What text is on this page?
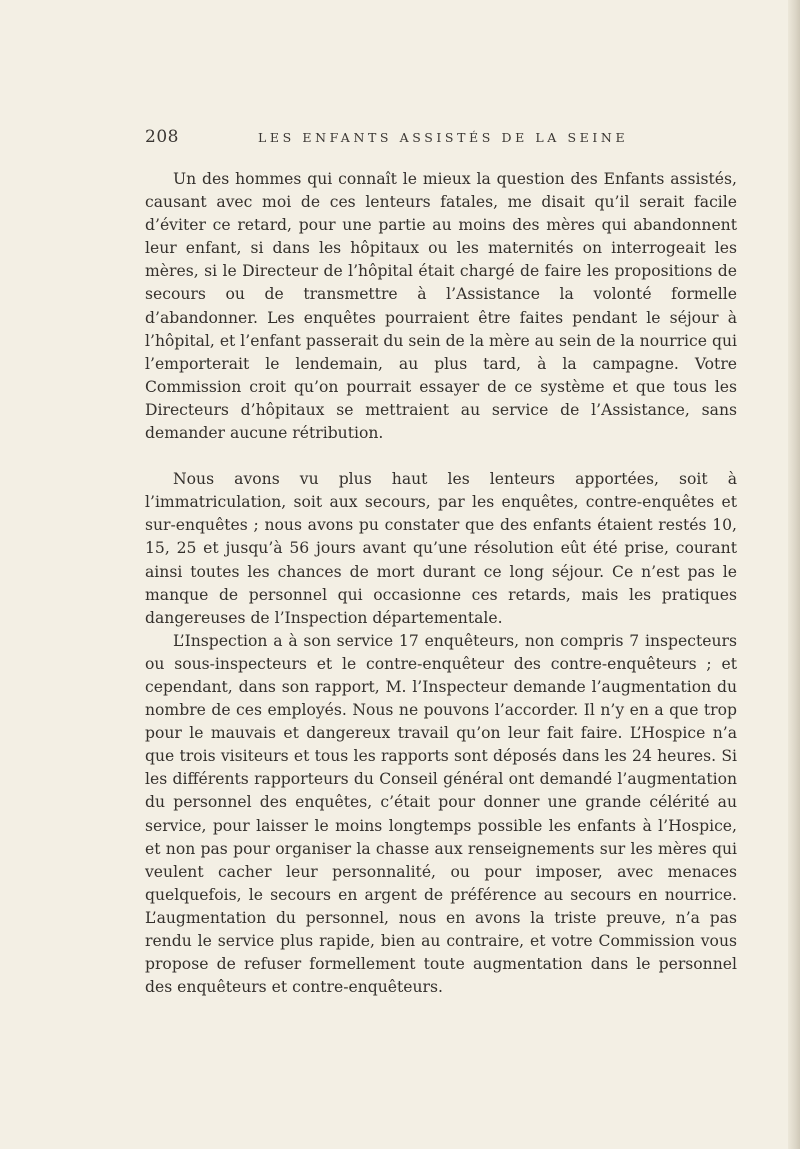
208	LES ENFANTS ASSISTÉS DE LA SEINE

Un des hommes qui connaît le mieux la question des Enfants assistés, causant avec moi de ces lenteurs fatales, me disait qu’il serait facile d’éviter ce retard, pour une partie au moins des mères qui abandonnent leur enfant, si dans les hôpitaux ou les maternités on interrogeait les mères, si le Directeur de l’hôpital était chargé de faire les propositions de secours ou de transmettre à l’Assistance la volonté formelle d’abandonner. Les enquêtes pourraient être faites pendant le séjour à l’hôpital, et l’enfant passerait du sein de la mère au sein de la nourrice qui l’emporterait le lendemain, au plus tard, à la campagne. Votre Commission croit qu’on pourrait essayer de ce système et que tous les Directeurs d’hôpitaux se mettraient au service de l’Assistance, sans demander aucune rétribution.

Nous avons vu plus haut les lenteurs apportées, soit à l’immatriculation, soit aux secours, par les enquêtes, contre-enquêtes et sur-enquêtes ; nous avons pu constater que des enfants étaient restés 10, 15, 25 et jusqu’à 56 jours avant qu’une résolution eût été prise, courant ainsi toutes les chances de mort durant ce long séjour. Ce n’est pas le manque de personnel qui occasionne ces retards, mais les pratiques dangereuses de l’Inspection départementale.

L’Inspection a à son service 17 enquêteurs, non compris 7 inspecteurs ou sous-inspecteurs et le contre-enquêteur des contre-enquêteurs ; et cependant, dans son rapport, M. l’Inspecteur demande l’augmentation du nombre de ces employés. Nous ne pouvons l’accorder. Il n’y en a que trop pour le mauvais et dangereux travail qu’on leur fait faire. L’Hospice n’a que trois visiteurs et tous les rapports sont déposés dans les 24 heures. Si les différents rapporteurs du Conseil général ont demandé l’augmentation du personnel des enquêtes, c’était pour donner une grande célérité au service, pour laisser le moins longtemps possible les enfants à l’Hospice, et non pas pour organiser la chasse aux renseignements sur les mères qui veulent cacher leur personnalité, ou pour imposer, avec menaces quelquefois, le secours en argent de préférence au secours en nourrice. L’augmentation du personnel, nous en avons la triste preuve, n’a pas rendu le service plus rapide, bien au contraire, et votre Commission vous propose de refuser formellement toute augmentation dans le personnel des enquêteurs et contre-enquêteurs.
